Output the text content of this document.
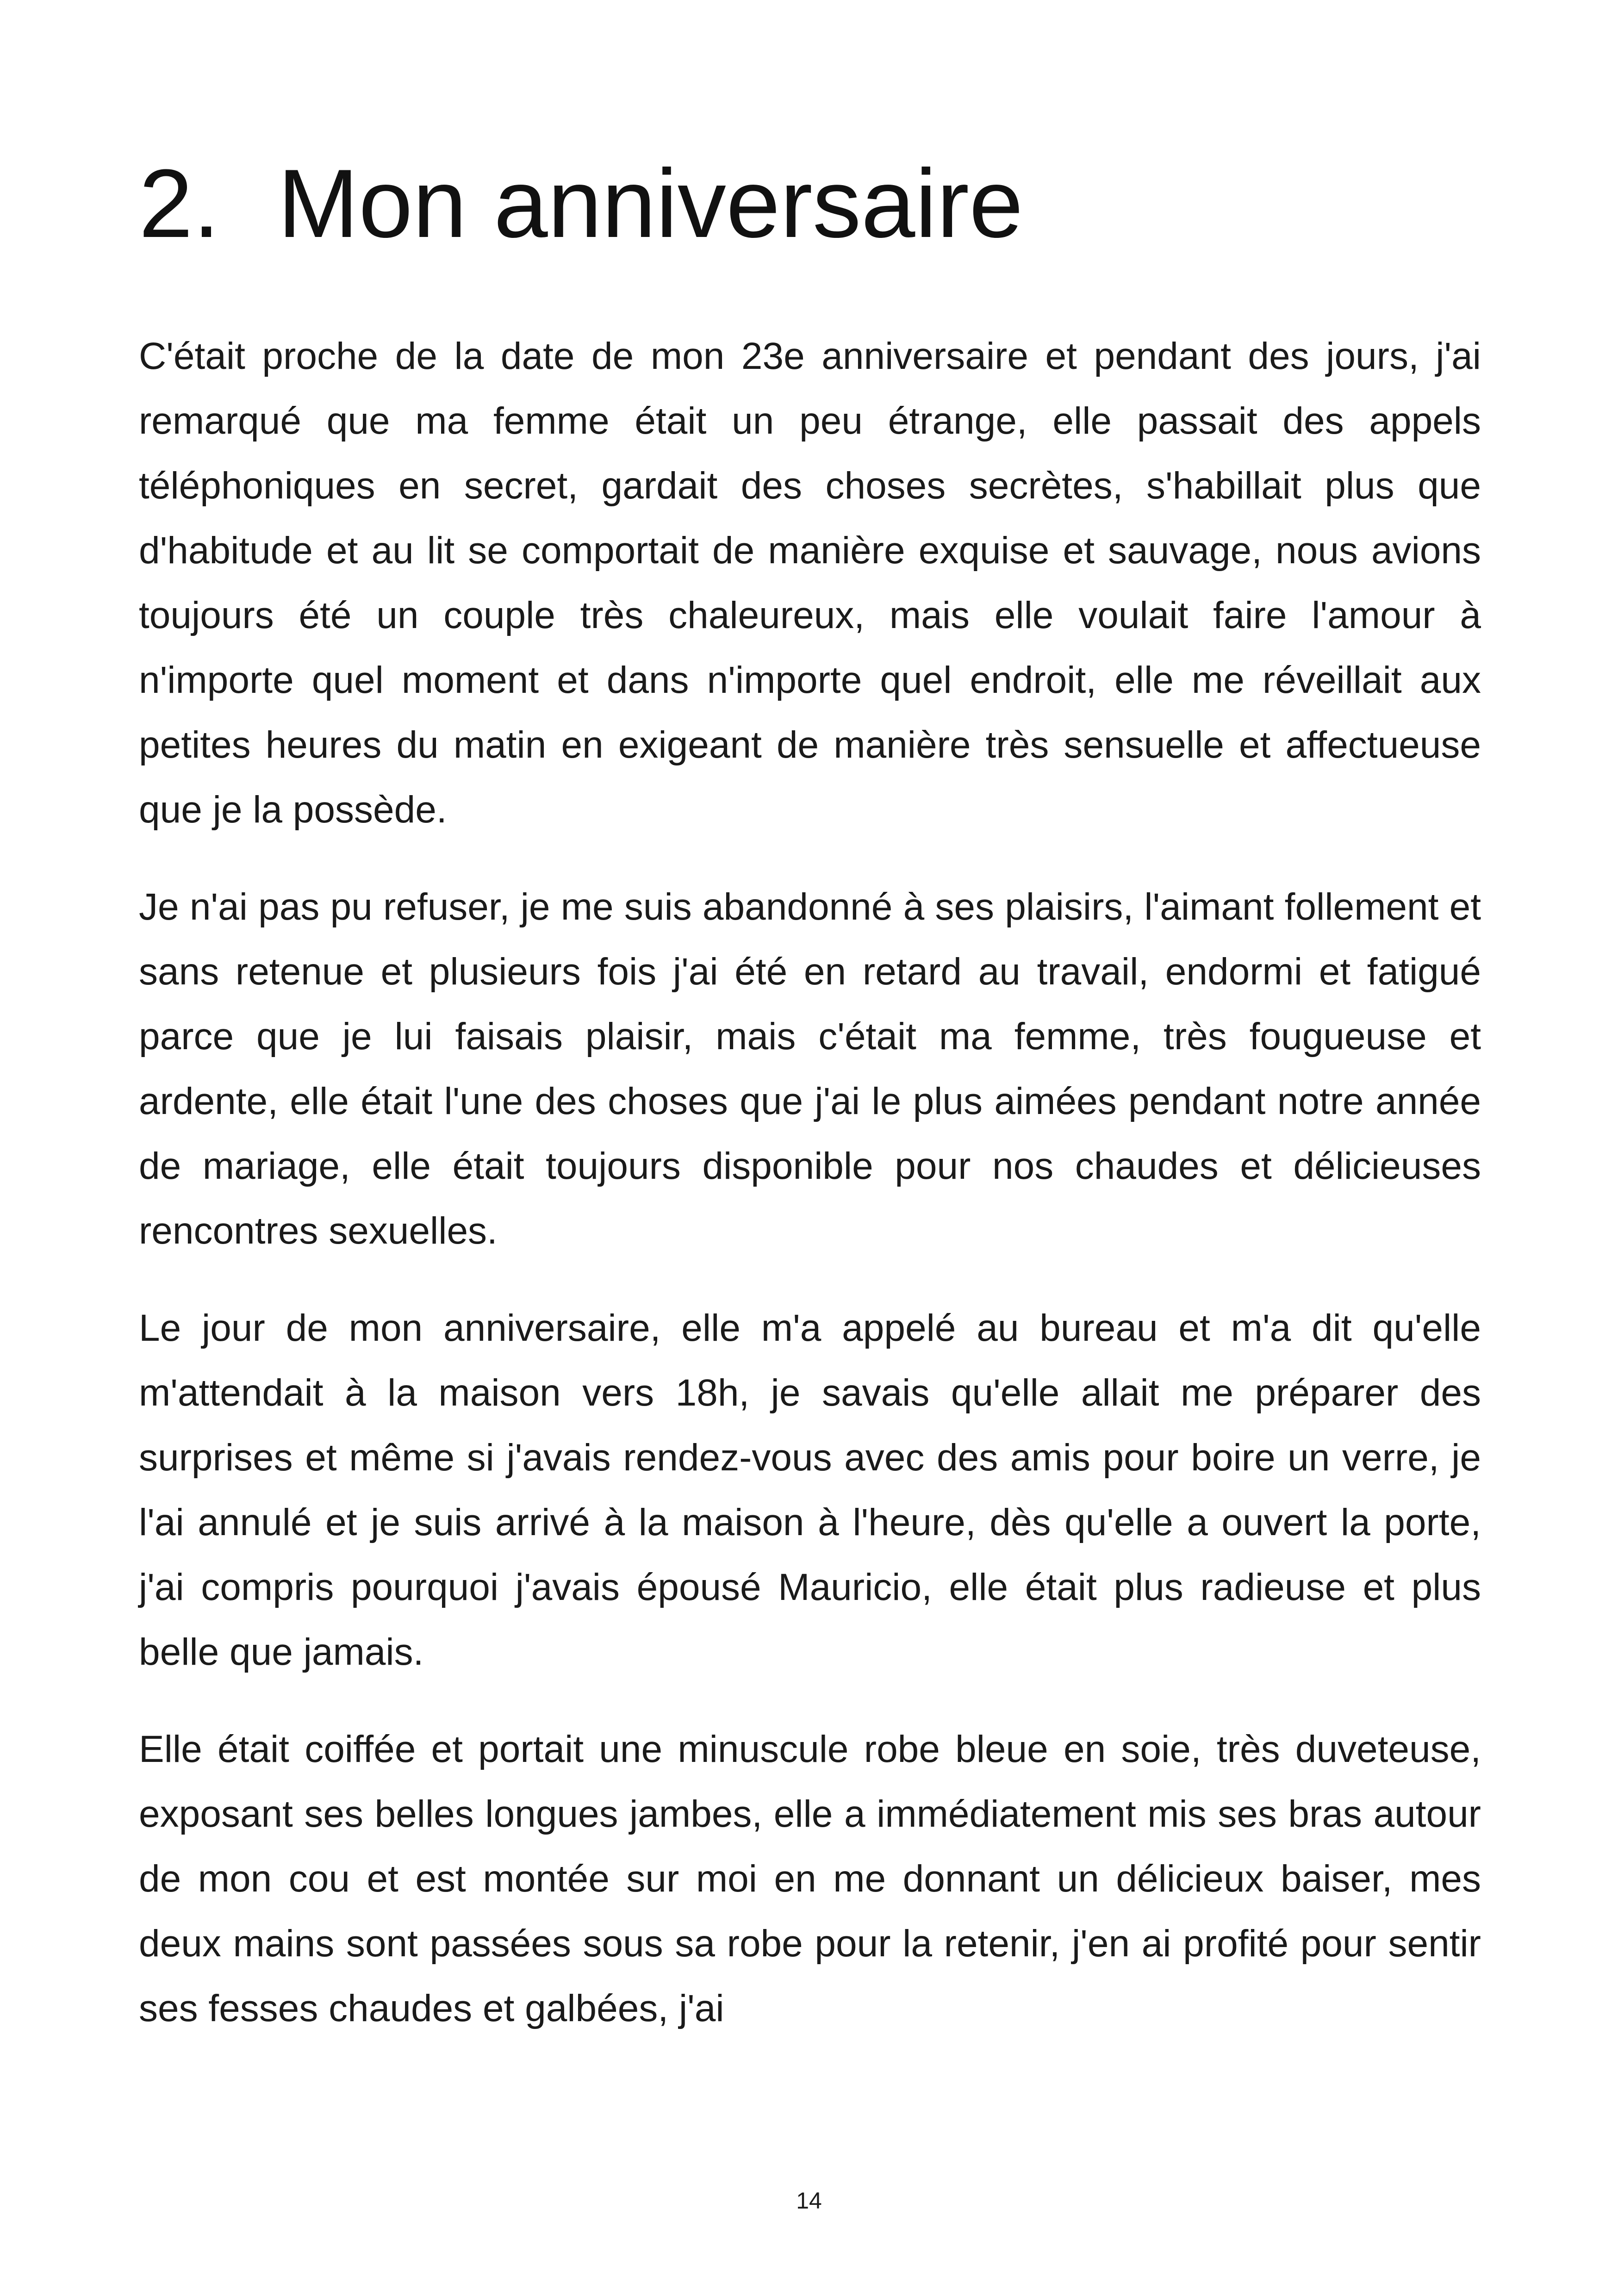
2. Mon anniversaire

C'était proche de la date de mon 23e anniversaire et pendant des jours, j'ai remarqué que ma femme était un peu étrange, elle passait des appels téléphoniques en secret, gardait des choses secrètes, s'habillait plus que d'habitude et au lit se comportait de manière exquise et sauvage, nous avions toujours été un couple très chaleureux, mais elle voulait faire l'amour à n'importe quel moment et dans n'importe quel endroit, elle me réveillait aux petites heures du matin en exigeant de manière très sensuelle et affectueuse que je la possède.

Je n'ai pas pu refuser, je me suis abandonné à ses plaisirs, l'aimant follement et sans retenue et plusieurs fois j'ai été en retard au travail, endormi et fatigué parce que je lui faisais plaisir, mais c'était ma femme, très fougueuse et ardente, elle était l'une des choses que j'ai le plus aimées pendant notre année de mariage, elle était toujours disponible pour nos chaudes et délicieuses rencontres sexuelles.

Le jour de mon anniversaire, elle m'a appelé au bureau et m'a dit qu'elle m'attendait à la maison vers 18h, je savais qu'elle allait me préparer des surprises et même si j'avais rendez-vous avec des amis pour boire un verre, je l'ai annulé et je suis arrivé à la maison à l'heure, dès qu'elle a ouvert la porte, j'ai compris pourquoi j'avais épousé Mauricio, elle était plus radieuse et plus belle que jamais.

Elle était coiffée et portait une minuscule robe bleue en soie, très duveteuse, exposant ses belles longues jambes, elle a immédiatement mis ses bras autour de mon cou et est montée sur moi en me donnant un délicieux baiser, mes deux mains sont passées sous sa robe pour la retenir, j'en ai profité pour sentir ses fesses chaudes et galbées, j'ai

14
